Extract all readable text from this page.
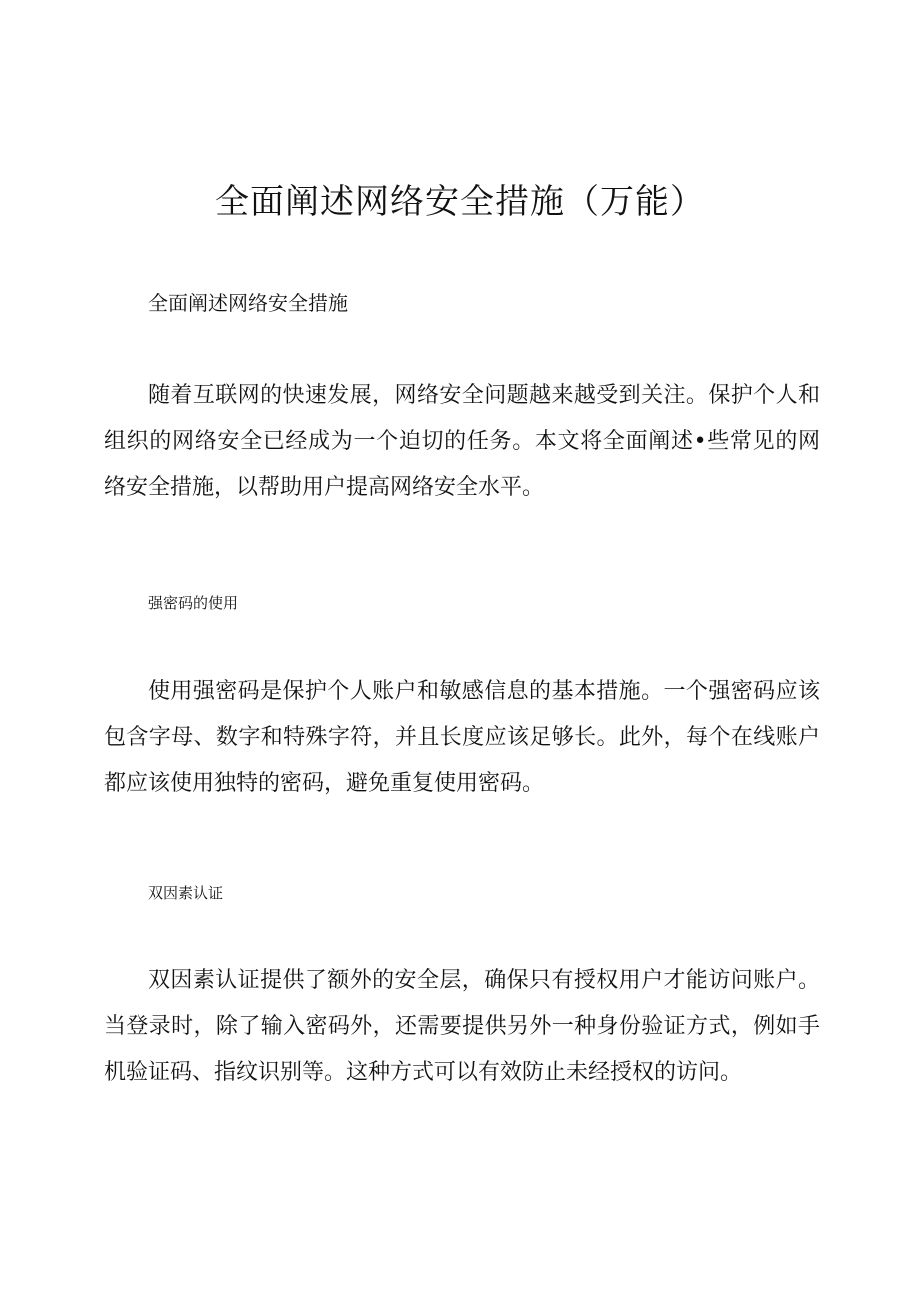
全面阐述网络安全措施（万能）
全面阐述网络安全措施

随着互联网的快速发展，网络安全问题越来越受到关注。保护个人和组织的网络安全已经成为一个迫切的任务。本文将全面阐述•些常见的网络安全措施，以帮助用户提高网络安全水平。

强密码的使用

使用强密码是保护个人账户和敏感信息的基本措施。一个强密码应该包含字母、数字和特殊字符，并且长度应该足够长。此外，每个在线账户都应该使用独特的密码，避免重复使用密码。

双因素认证

双因素认证提供了额外的安全层，确保只有授权用户才能访问账户。当登录时，除了输入密码外，还需要提供另外一种身份验证方式，例如手机验证码、指纹识别等。这种方式可以有效防止未经授权的访问。
